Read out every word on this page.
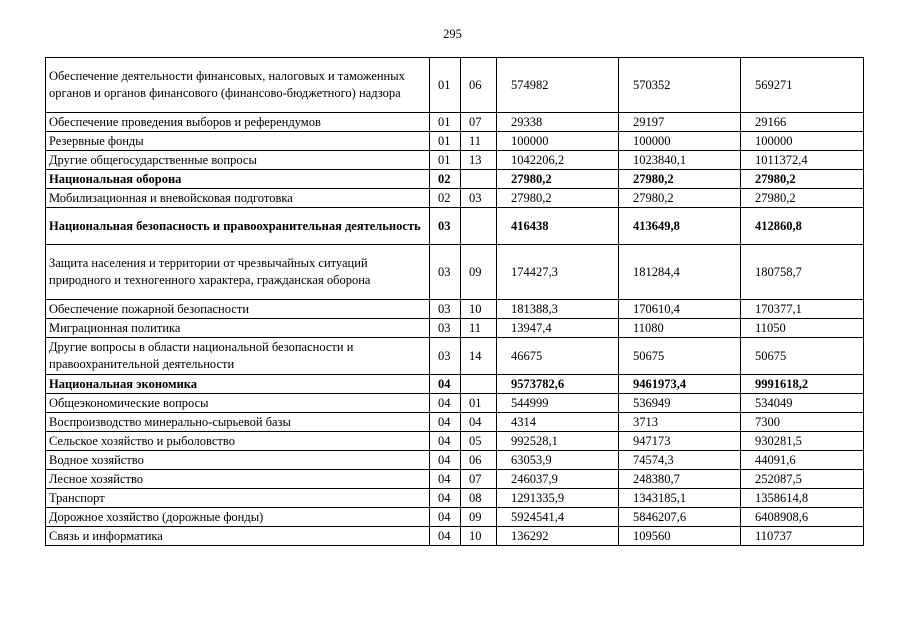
295
Обеспечение деятельности финансовых, налоговых и таможенных органов и органов финансового (финансово-бюджетного) надзора	01	06	574982	570352	569271
Обеспечение проведения выборов и референдумов	01	07	29338	29197	29166
Резервные фонды	01	11	100000	100000	100000
Другие общегосударственные вопросы	01	13	1042206,2	1023840,1	1011372,4
Национальная оборона	02		27980,2	27980,2	27980,2
Мобилизационная и вневойсковая подготовка	02	03	27980,2	27980,2	27980,2
Национальная безопасность и правоохранительная деятельность	03		416438	413649,8	412860,8
Защита населения и территории от чрезвычайных ситуаций природного и техногенного характера, гражданская оборона	03	09	174427,3	181284,4	180758,7
Обеспечение пожарной безопасности	03	10	181388,3	170610,4	170377,1
Миграционная политика	03	11	13947,4	11080	11050
Другие вопросы в области национальной безопасности и правоохранительной деятельности	03	14	46675	50675	50675
Национальная экономика	04		9573782,6	9461973,4	9991618,2
Общеэкономические вопросы	04	01	544999	536949	534049
Воспроизводство минерально-сырьевой базы	04	04	4314	3713	7300
Сельское хозяйство и рыболовство	04	05	992528,1	947173	930281,5
Водное хозяйство	04	06	63053,9	74574,3	44091,6
Лесное хозяйство	04	07	246037,9	248380,7	252087,5
Транспорт	04	08	1291335,9	1343185,1	1358614,8
Дорожное хозяйство (дорожные фонды)	04	09	5924541,4	5846207,6	6408908,6
Связь и информатика	04	10	136292	109560	110737
